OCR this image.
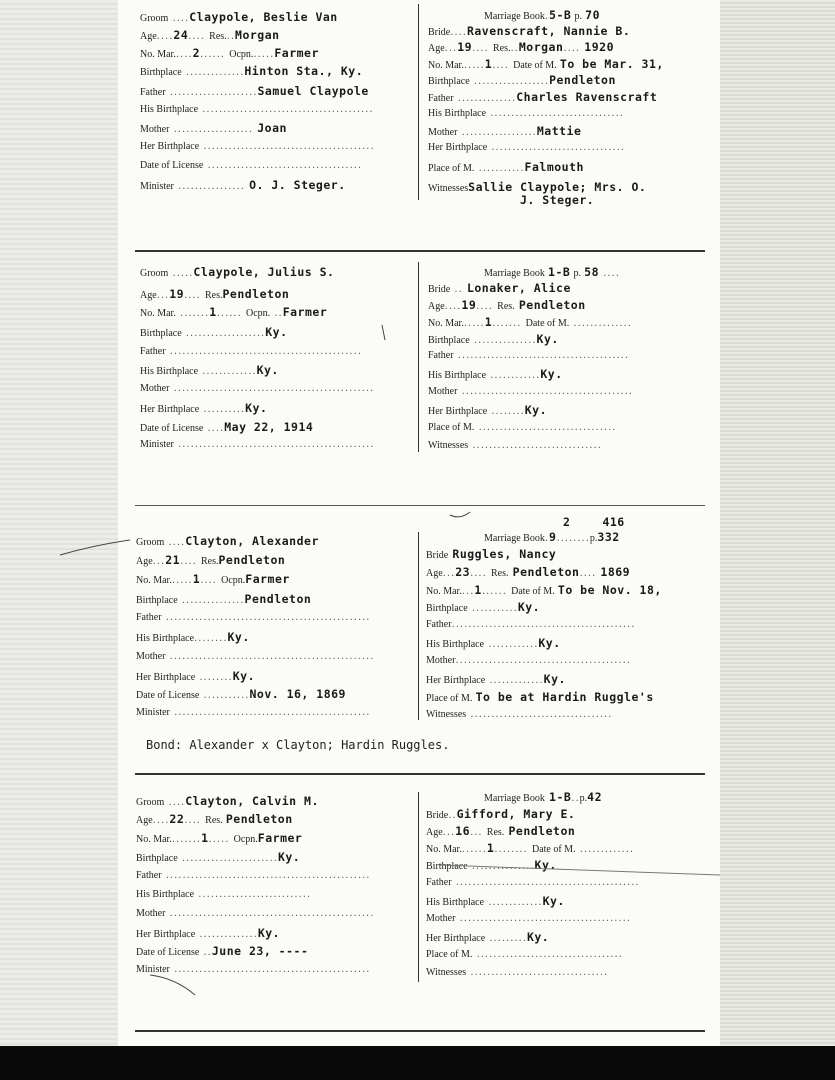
Groom ....Claypole, Beslie Van
Age....24.... Res...Morgan
No. Mar.....2...... Ocpn......Farmer
Birthplace ..............Hinton Sta., Ky.
Father .....................Samuel Claypole
His Birthplace .........................................
Mother ................... Joan
Her Birthplace .........................................
Date of License .....................................
Minister ................ O. J. Steger.
Marriage Book.5-B p. 70
Bride....Ravenscraft, Nannie B.
Age...19.... Res...Morgan.... 1920
No. Mar......1.... Date of M. To be Mar. 31,
Birthplace ..................Pendleton
Father ..............Charles Ravenscraft
His Birthplace ................................
Mother ..................Mattie
Her Birthplace ................................
Place of M. ...........Falmouth
WitnessesSallie Claypole; Mrs. O.
J. Steger.
Groom .....Claypole, Julius S.
Age...19.... Res.Pendleton
No. Mar. .......1...... Ocpn. ..Farmer
Birthplace ...................Ky.
Father ..............................................
His Birthplace .............Ky.
Mother ................................................
Her Birthplace ..........Ky.
Date of License ....May 22, 1914
Minister ...............................................
Marriage Book 1-B p. 58 ....
Bride .. Lonaker, Alice
Age....19.... Res. Pendleton
No. Mar......1....... Date of M. ..............
Birthplace ...............Ky.
Father .........................................
His Birthplace ............Ky.
Mother .........................................
Her Birthplace ........Ky.
Place of M. .................................
Witnesses ...............................
Groom ....Clayton, Alexander
Age...21.... Res.Pendleton
No. Mar......1.... Ocpn.Farmer
Birthplace ...............Pendleton
Father .................................................
His Birthplace........Ky.
Mother .................................................
Her Birthplace ........Ky.
Date of License ...........Nov. 16, 1869
Minister ...............................................
2	416
Marriage Book.9........p.332
Bride Ruggles, Nancy
Age...23.... Res. Pendleton.... 1869
No. Mar....1...... Date of M. To be Nov. 18,
Birthplace ...........Ky.
Father............................................
His Birthplace ............Ky.
Mother..........................................
Her Birthplace .............Ky.
Place of M. To be at Hardin Ruggle's
Witnesses ..................................
Bond: Alexander x Clayton; Hardin Ruggles.
Groom ....Clayton, Calvin M.
Age....22.... Res. Pendleton
No. Mar........1..... Ocpn.Farmer
Birthplace .......................Ky.
Father .................................................
His Birthplace ...........................
Mother .................................................
Her Birthplace ..............Ky.
Date of License ..June 23, ----
Minister ...............................................
Marriage Book 1-B..p.42
Bride..Gifford, Mary E.
Age...16... Res. Pendleton
No. Mar.......1........ Date of M. .............
Birthplace ...............Ky.
Father ............................................
His Birthplace .............Ky.
Mother .........................................
Her Birthplace .........Ky.
Place of M. ...................................
Witnesses .................................
